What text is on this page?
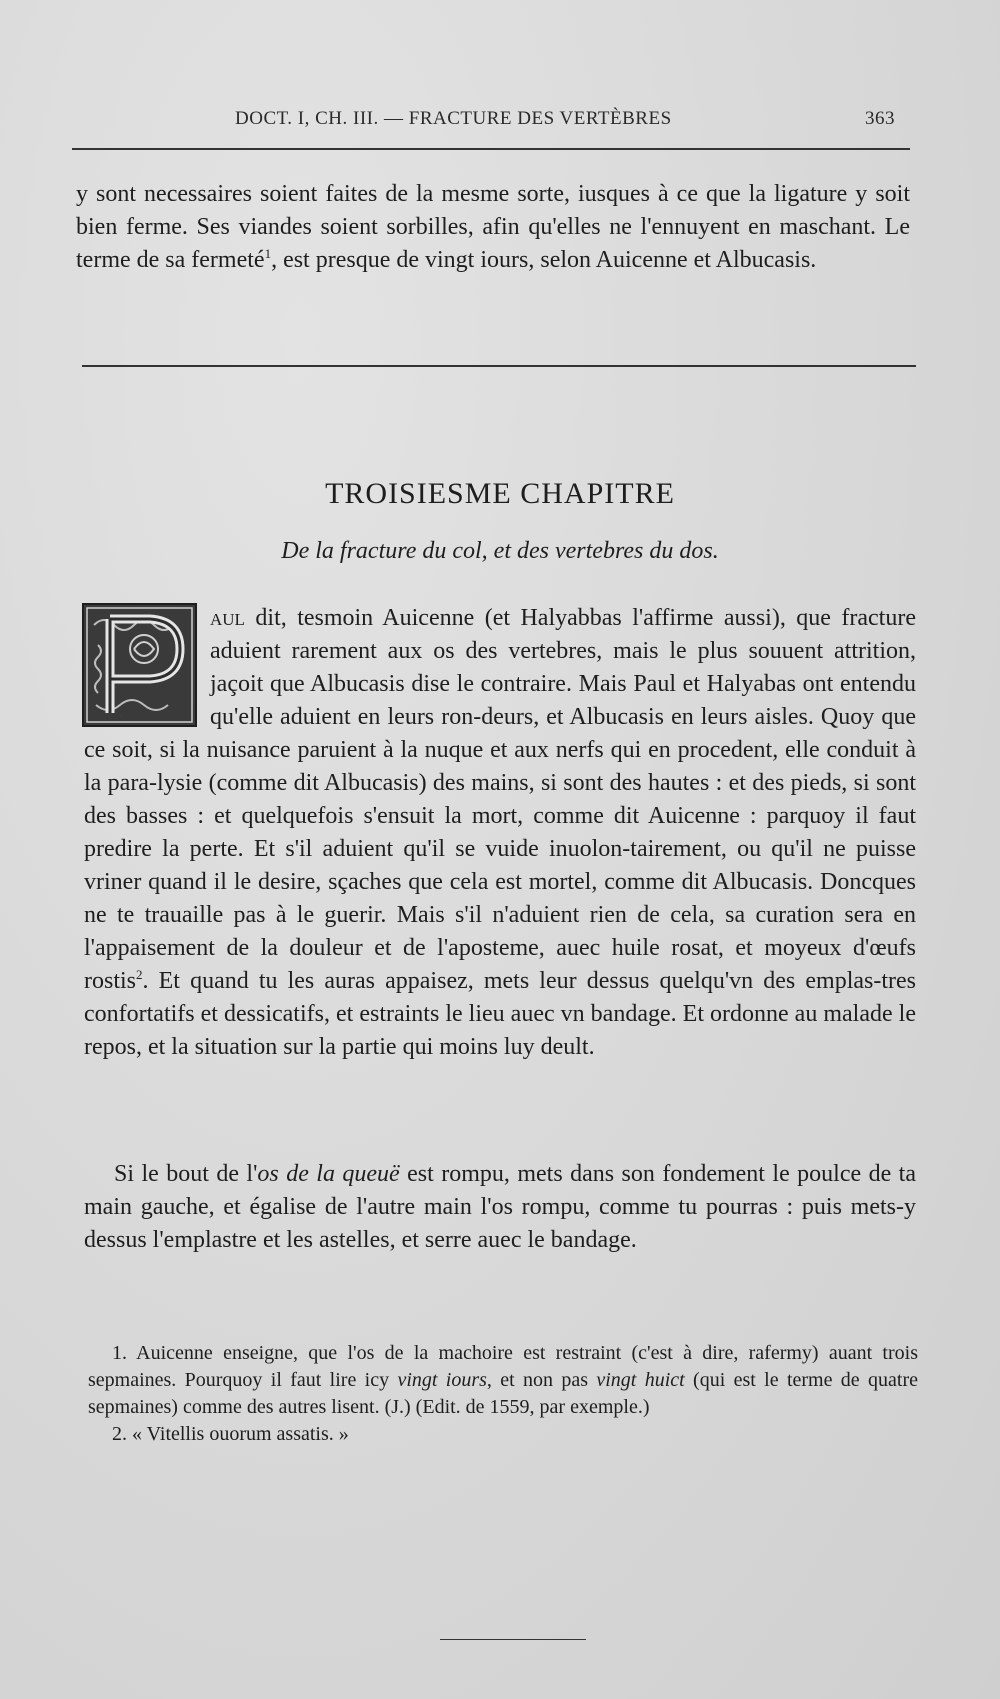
DOCT. I, CH. III. — FRACTURE DES VERTÈBRES	363

y sont necessaires soient faites de la mesme sorte, iusques à ce que la ligature y soit bien ferme. Ses viandes soient sorbilles, afin qu'elles ne l'ennuyent en maschant. Le terme de sa fermeté$^1$, est presque de vingt iours, selon Auicenne et Albucasis.

TROISIESME CHAPITRE
De la fracture du col, et des vertebres du dos.
P

aul dit, tesmoin Auicenne (et Halyabbas l'affirme aussi), que fracture aduient rarement aux os des vertebres, mais le plus souuent attrition, jaçoit que Albucasis dise le contraire. Mais Paul et Halyabas ont entendu qu'elle aduient en leurs ron-deurs, et Albucasis en leurs aisles. Quoy que ce soit, si la nuisance paruient à la nuque et aux nerfs qui en procedent, elle conduit à la para-lysie (comme dit Albucasis) des mains, si sont des hautes : et des pieds, si sont des basses : et quelquefois s'ensuit la mort, comme dit Auicenne : parquoy il faut predire la perte. Et s'il aduient qu'il se vuide inuolon-tairement, ou qu'il ne puisse vriner quand il le desire, sçaches que cela est mortel, comme dit Albucasis. Doncques ne te trauaille pas à le guerir. Mais s'il n'aduient rien de cela, sa curation sera en l'appaisement de la douleur et de l'aposteme, auec huile rosat, et moyeux d'œufs rostis$^2$. Et quand tu les auras appaisez, mets leur dessus quelqu'vn des emplas-tres confortatifs et dessicatifs, et estraints le lieu auec vn bandage. Et ordonne au malade le repos, et la situation sur la partie qui moins luy deult.

Si le bout de l'os de la queuë est rompu, mets dans son fondement le poulce de ta main gauche, et égalise de l'autre main l'os rompu, comme tu pourras : puis mets-y dessus l'emplastre et les astelles, et serre auec le bandage.

1. Auicenne enseigne, que l'os de la machoire est restraint (c'est à dire, rafermy) auant trois sepmaines. Pourquoy il faut lire icy vingt iours, et non pas vingt huict (qui est le terme de quatre sepmaines) comme des autres lisent. (J.) (Edit. de 1559, par exemple.)

2. « Vitellis ouorum assatis. »
